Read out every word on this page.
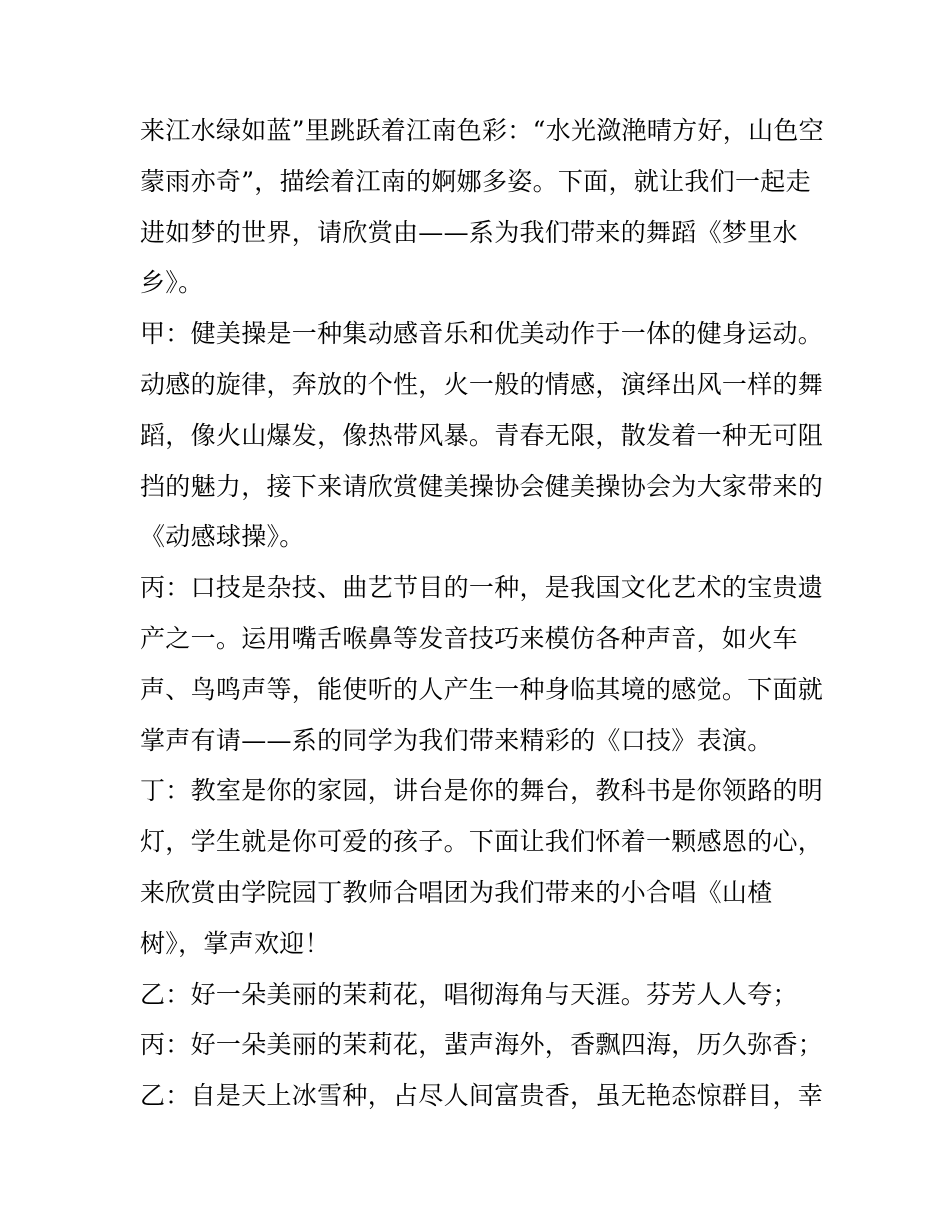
来江水绿如蓝”里跳跃着江南色彩：“水光潋滟晴方好，山色空
蒙雨亦奇”，描绘着江南的婀娜多姿。下面，就让我们一起走
进如梦的世界，请欣赏由——系为我们带来的舞蹈《梦里水
乡》。
甲：健美操是一种集动感音乐和优美动作于一体的健身运动。
动感的旋律，奔放的个性，火一般的情感，演绎出风一样的舞
蹈，像火山爆发，像热带风暴。青春无限，散发着一种无可阻
挡的魅力，接下来请欣赏健美操协会健美操协会为大家带来的
《动感球操》。
丙：口技是杂技、曲艺节目的一种，是我国文化艺术的宝贵遗
产之一。运用嘴舌喉鼻等发音技巧来模仿各种声音，如火车
声、鸟鸣声等，能使听的人产生一种身临其境的感觉。下面就
掌声有请——系的同学为我们带来精彩的《口技》表演。
丁：教室是你的家园，讲台是你的舞台，教科书是你领路的明
灯，学生就是你可爱的孩子。下面让我们怀着一颗感恩的心，
来欣赏由学院园丁教师合唱团为我们带来的小合唱《山楂
树》，掌声欢迎！
乙：好一朵美丽的茉莉花，唱彻海角与天涯。芬芳人人夸；
丙：好一朵美丽的茉莉花，蜚声海外，香飘四海，历久弥香；
乙：自是天上冰雪种，占尽人间富贵香，虽无艳态惊群目，幸
